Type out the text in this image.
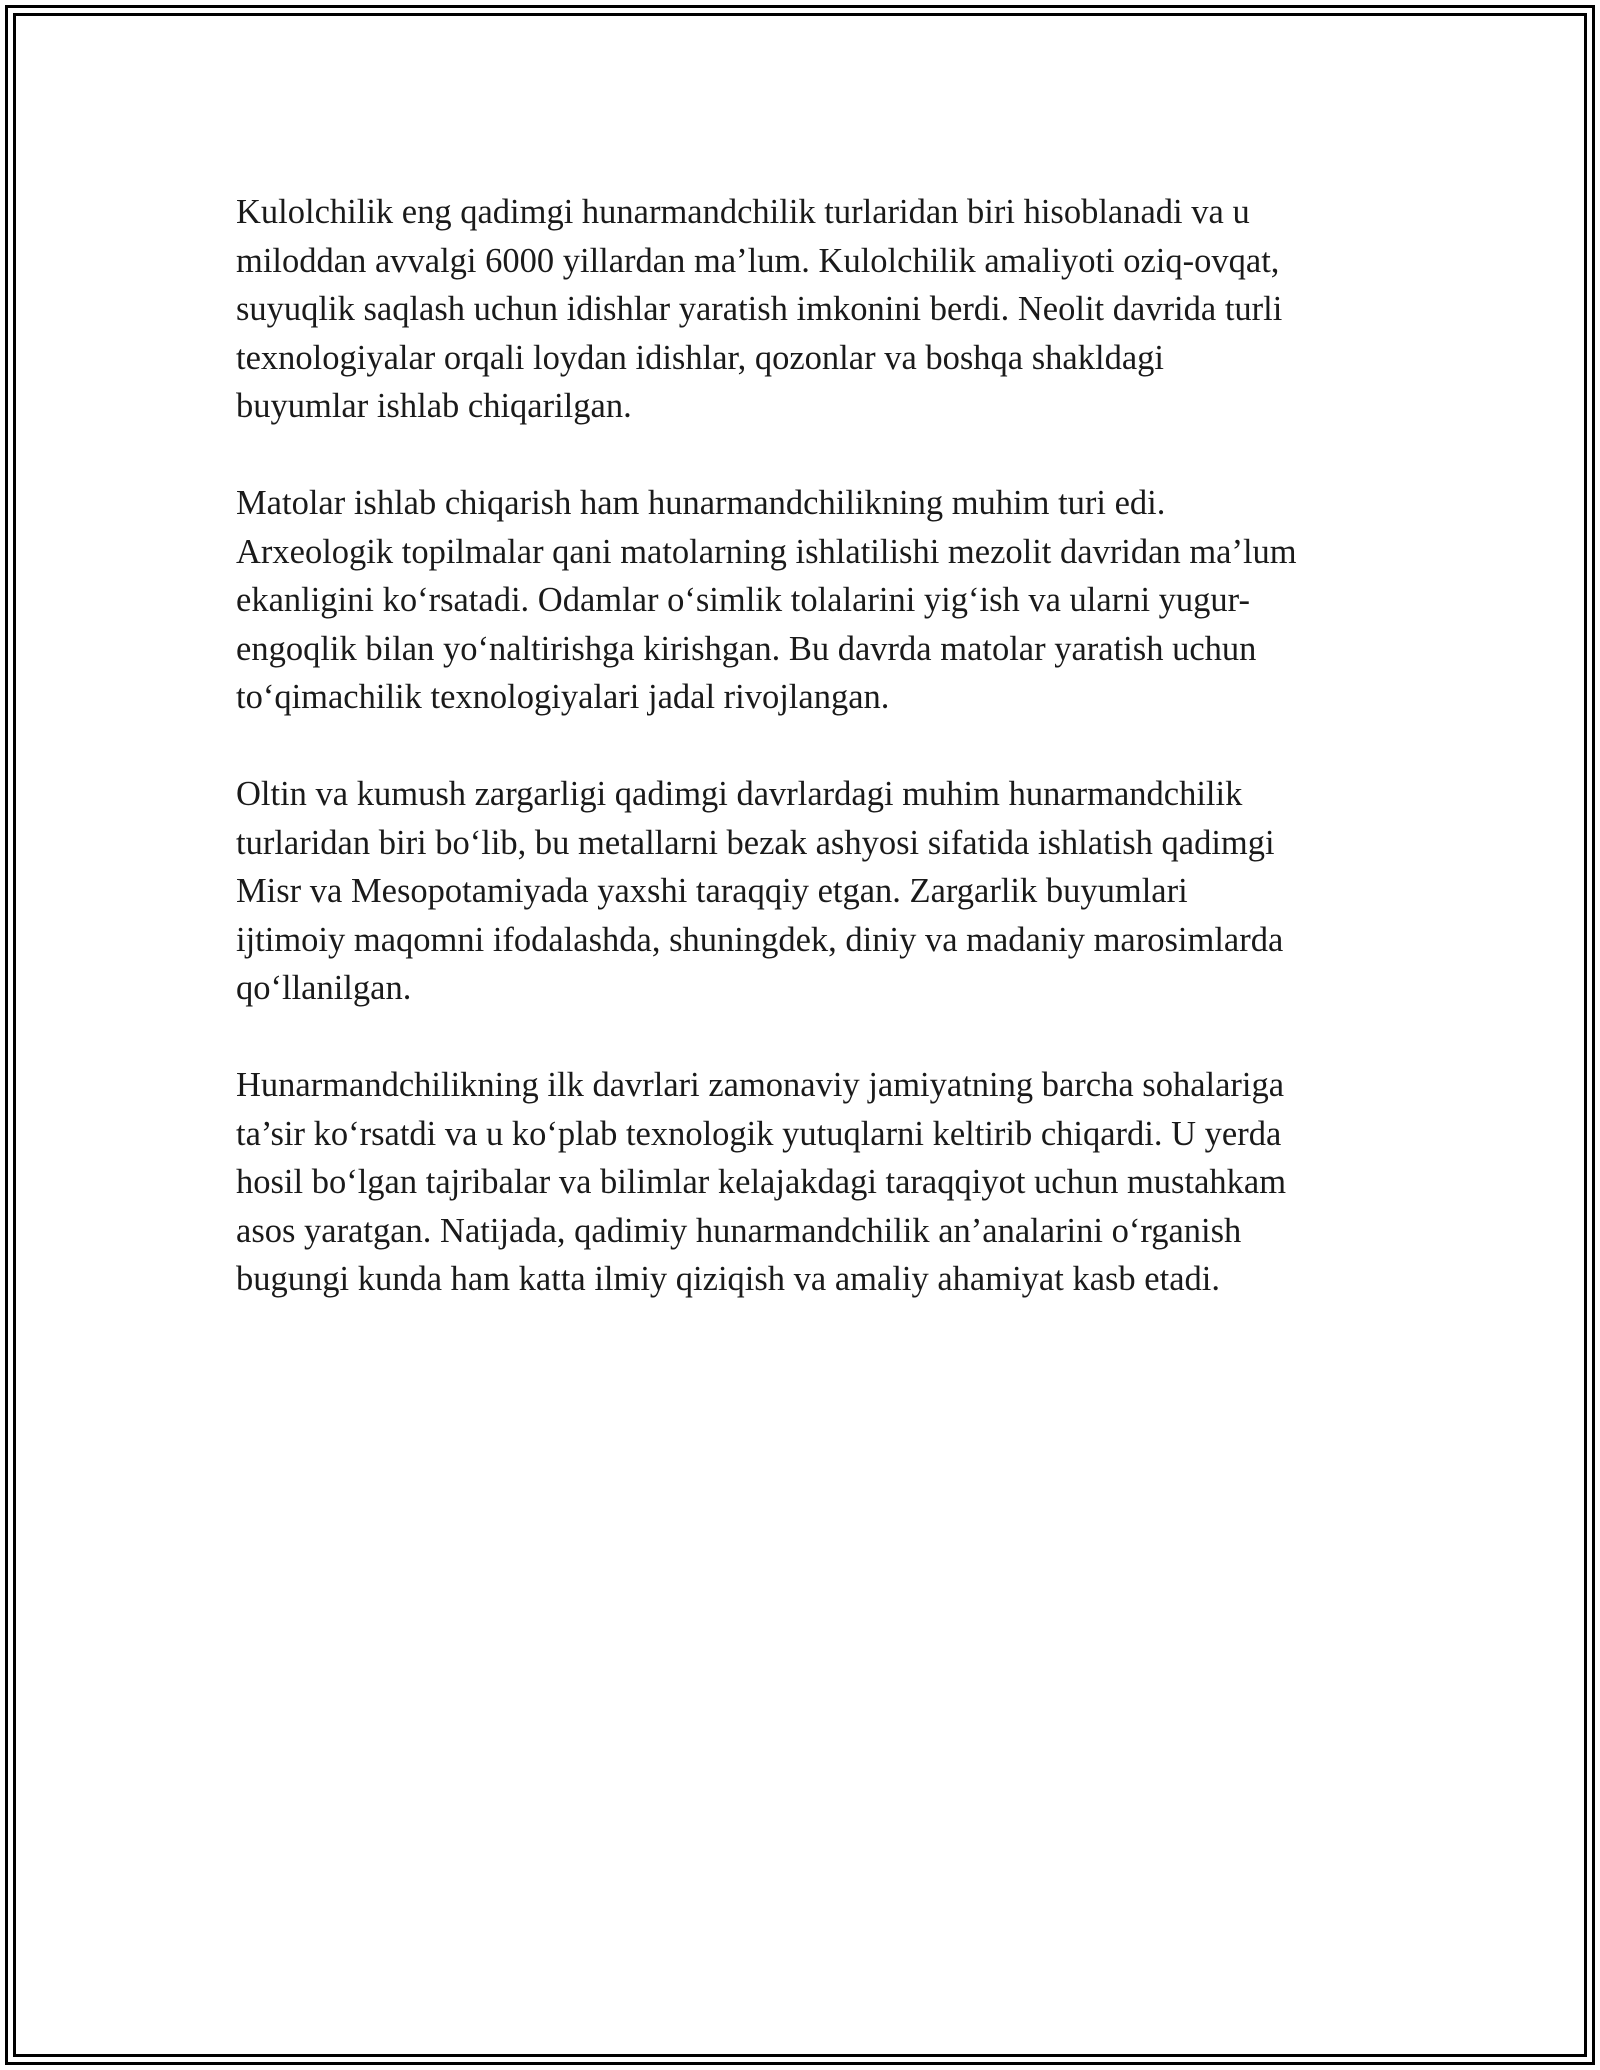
Kulolchilik eng qadimgi hunarmandchilik turlaridan biri hisoblanadi va u
miloddan avvalgi 6000 yillardan ma’lum. Kulolchilik amaliyoti oziq-ovqat,
suyuqlik saqlash uchun idishlar yaratish imkonini berdi. Neolit davrida turli
texnologiyalar orqali loydan idishlar, qozonlar va boshqa shakldagi
buyumlar ishlab chiqarilgan.

Matolar ishlab chiqarish ham hunarmandchilikning muhim turi edi.
Arxeologik topilmalar qani matolarning ishlatilishi mezolit davridan ma’lum
ekanligini ko‘rsatadi. Odamlar o‘simlik tolalarini yig‘ish va ularni yugur-
engoqlik bilan yo‘naltirishga kirishgan. Bu davrda matolar yaratish uchun
to‘qimachilik texnologiyalari jadal rivojlangan.

Oltin va kumush zargarligi qadimgi davrlardagi muhim hunarmandchilik
turlaridan biri bo‘lib, bu metallarni bezak ashyosi sifatida ishlatish qadimgi
Misr va Mesopotamiyada yaxshi taraqqiy etgan. Zargarlik buyumlari
ijtimoiy maqomni ifodalashda, shuningdek, diniy va madaniy marosimlarda
qo‘llanilgan.

Hunarmandchilikning ilk davrlari zamonaviy jamiyatning barcha sohalariga
ta’sir ko‘rsatdi va u ko‘plab texnologik yutuqlarni keltirib chiqardi. U yerda
hosil bo‘lgan tajribalar va bilimlar kelajakdagi taraqqiyot uchun mustahkam
asos yaratgan. Natijada, qadimiy hunarmandchilik an’analarini o‘rganish
bugungi kunda ham katta ilmiy qiziqish va amaliy ahamiyat kasb etadi.
